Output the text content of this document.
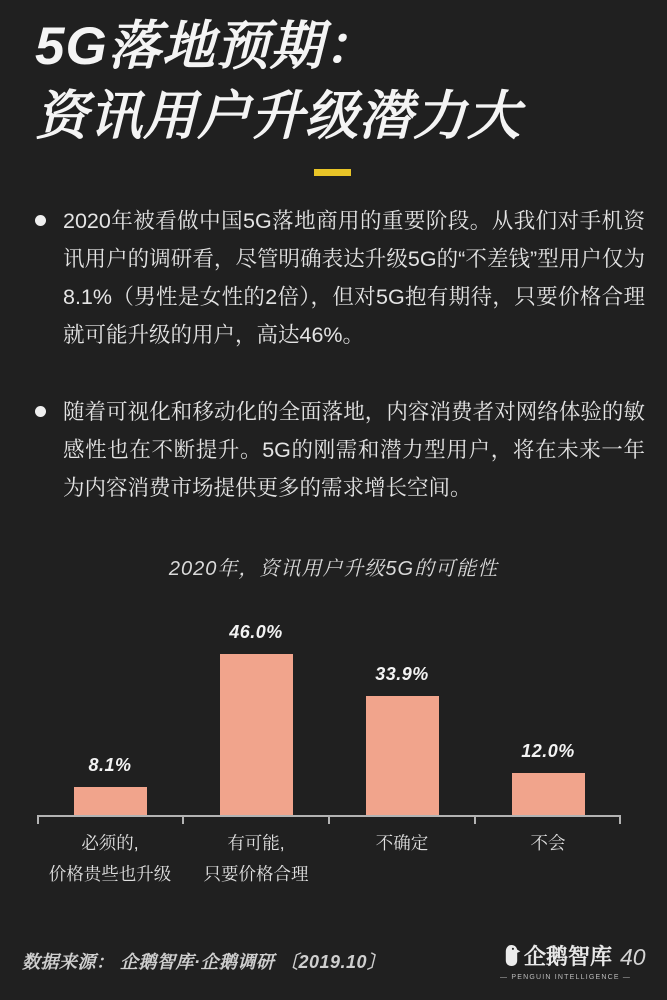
5G落地预期：
资讯用户升级潜力大

2020年被看做中国5G落地商用的重要阶段。从我们对手机资讯用户的调研看，尽管明确表达升级5G的“不差钱”型用户仅为8.1%（男性是女性的2倍），但对5G抱有期待，只要价格合理就可能升级的用户，高达46%。

随着可视化和移动化的全面落地，内容消费者对网络体验的敏感性也在不断提升。5G的刚需和潜力型用户，将在未来一年为内容消费市场提供更多的需求增长空间。

2020年，资讯用户升级5G的可能性
8.1%
46.0%
33.9%
12.0%
必须的,
价格贵些也升级
有可能,
只要价格合理
不确定	不会
数据来源： 企鹅智库·企鹅调研 〔2019.10〕	企鹅智库
— PENGUIN INTELLIGENCE —
40
